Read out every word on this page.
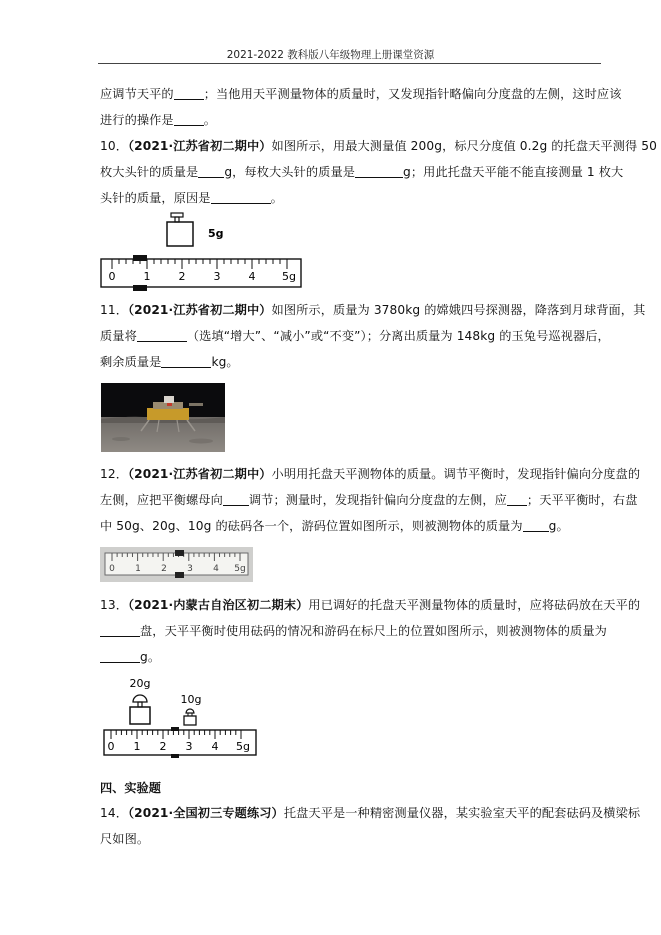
2021-2022 教科版八年级物理上册课堂资源
应调节天平的 ；当他用天平测量物体的质量时，又发现指针略偏向分度盘的左侧，这时应该
进行的操作是 。
10．（2021·江苏省初二期中）如图所示，用最大测量值 200g，标尺分度值 0.2g 的托盘天平测得 50
枚大头针的质量是 g，每枚大头针的质量是	g；用此托盘天平能不能直接测量 1 枚大
头针的质量，原因是	。
5g
0	1	2	3	4 5g
11．（2021·江苏省初二期中）如图所示，质量为 3780kg 的嫦娥四号探测器，降落到月球背面，其
质量将	（选填“增大”、“减小”或“不变”）；分离出质量为 148kg 的玉兔号巡视器后，
剩余质量是	kg。
12．（2021·江苏省初二期中）小明用托盘天平测物体的质量。调节平衡时，发现指针偏向分度盘的
左侧，应把平衡螺母向 调节；测量时，发现指针偏向分度盘的左侧，应 ；天平平衡时，右盘
中 50g、20g、10g 的砝码各一个，游码位置如图所示，则被测物体的质量为 g。
0 1 2 3 4 5g
13．（2021·内蒙古自治区初二期末）用已调好的托盘天平测量物体的质量时，应将砝码放在天平的
盘，天平平衡时使用砝码的情况和游码在标尺上的位置如图所示，则被测物体的质量为
g。
20g
10g
0 1 2 3 4 5g
四、实验题
14．（2021·全国初三专题练习）托盘天平是一种精密测量仪器，某实验室天平的配套砝码及横梁标
尺如图。
